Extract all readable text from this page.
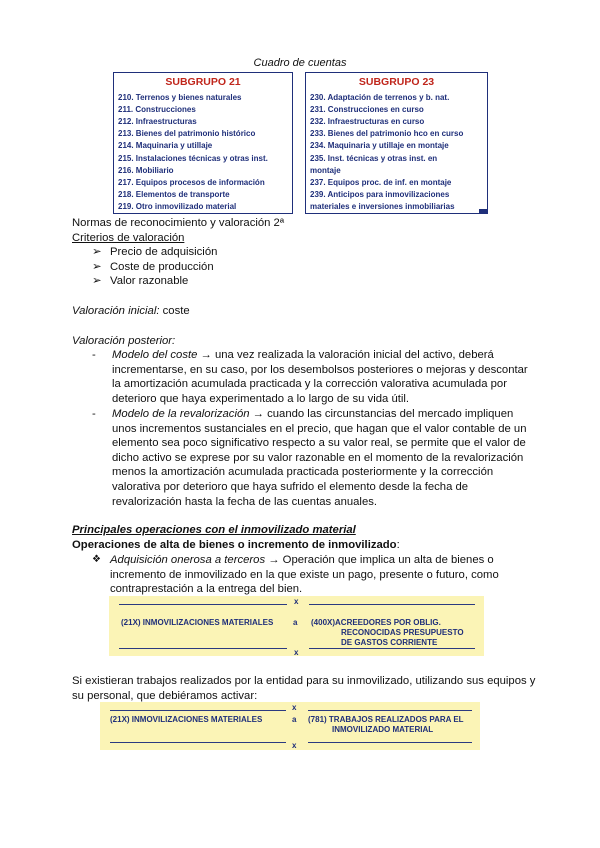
Cuadro de cuentas
SUBGRUPO 21
210. Terrenos y bienes naturales
211. Construcciones
212. Infraestructuras
213. Bienes del patrimonio histórico
214. Maquinaria y utillaje
215. Instalaciones técnicas y otras inst.
216. Mobiliario
217. Equipos procesos de información
218. Elementos de transporte
219. Otro inmovilizado material
SUBGRUPO 23
230. Adaptación de terrenos y b. nat.
231. Construcciones en curso
232. Infraestructuras en curso
233. Bienes del patrimonio hco en curso
234. Maquinaria y utillaje en montaje
235. Inst. técnicas y otras inst. en
montaje
237. Equipos proc. de inf. en montaje
239. Anticipos para inmovilizaciones
materiales e inversiones inmobiliarias
Normas de reconocimiento y valoración 2ª
Criterios de valoración
➢ Precio de adquisición
➢ Coste de producción
➢ Valor razonable
Valoración inicial: coste
Valoración posterior:
- Modelo del coste → una vez realizada la valoración inicial del activo, deberá
incrementarse, en su caso, por los desembolsos posteriores o mejoras y descontar
la amortización acumulada practicada y la corrección valorativa acumulada por
deterioro que haya experimentado a lo largo de su vida útil.
- Modelo de la revalorización → cuando las circunstancias del mercado impliquen
unos incrementos sustanciales en el precio, que hagan que el valor contable de un
elemento sea poco significativo respecto a su valor real, se permite que el valor de
dicho activo se exprese por su valor razonable en el momento de la revalorización
menos la amortización acumulada practicada posteriormente y la corrección
valorativa por deterioro que haya sufrido el elemento desde la fecha de
revalorización hasta la fecha de las cuentas anuales.
Principales operaciones con el inmovilizado material
Operaciones de alta de bienes o incremento de inmovilizado:
❖ Adquisición onerosa a terceros → Operación que implica un alta de bienes o
incremento de inmovilizado en la que existe un pago, presente o futuro, como
contraprestación a la entrega del bien.
x
(21X) INMOVILIZACIONES MATERIALES a (400X)ACREEDORES POR OBLIG.
RECONOCIDAS PRESUPUESTO
DE GASTOS CORRIENTE
x
Si existieran trabajos realizados por la entidad para su inmovilizado, utilizando sus equipos y
su personal, que debiéramos activar:
x
(21X) INMOVILIZACIONES MATERIALES	a (781) TRABAJOS REALIZADOS PARA EL
INMOVILIZADO MATERIAL
x
